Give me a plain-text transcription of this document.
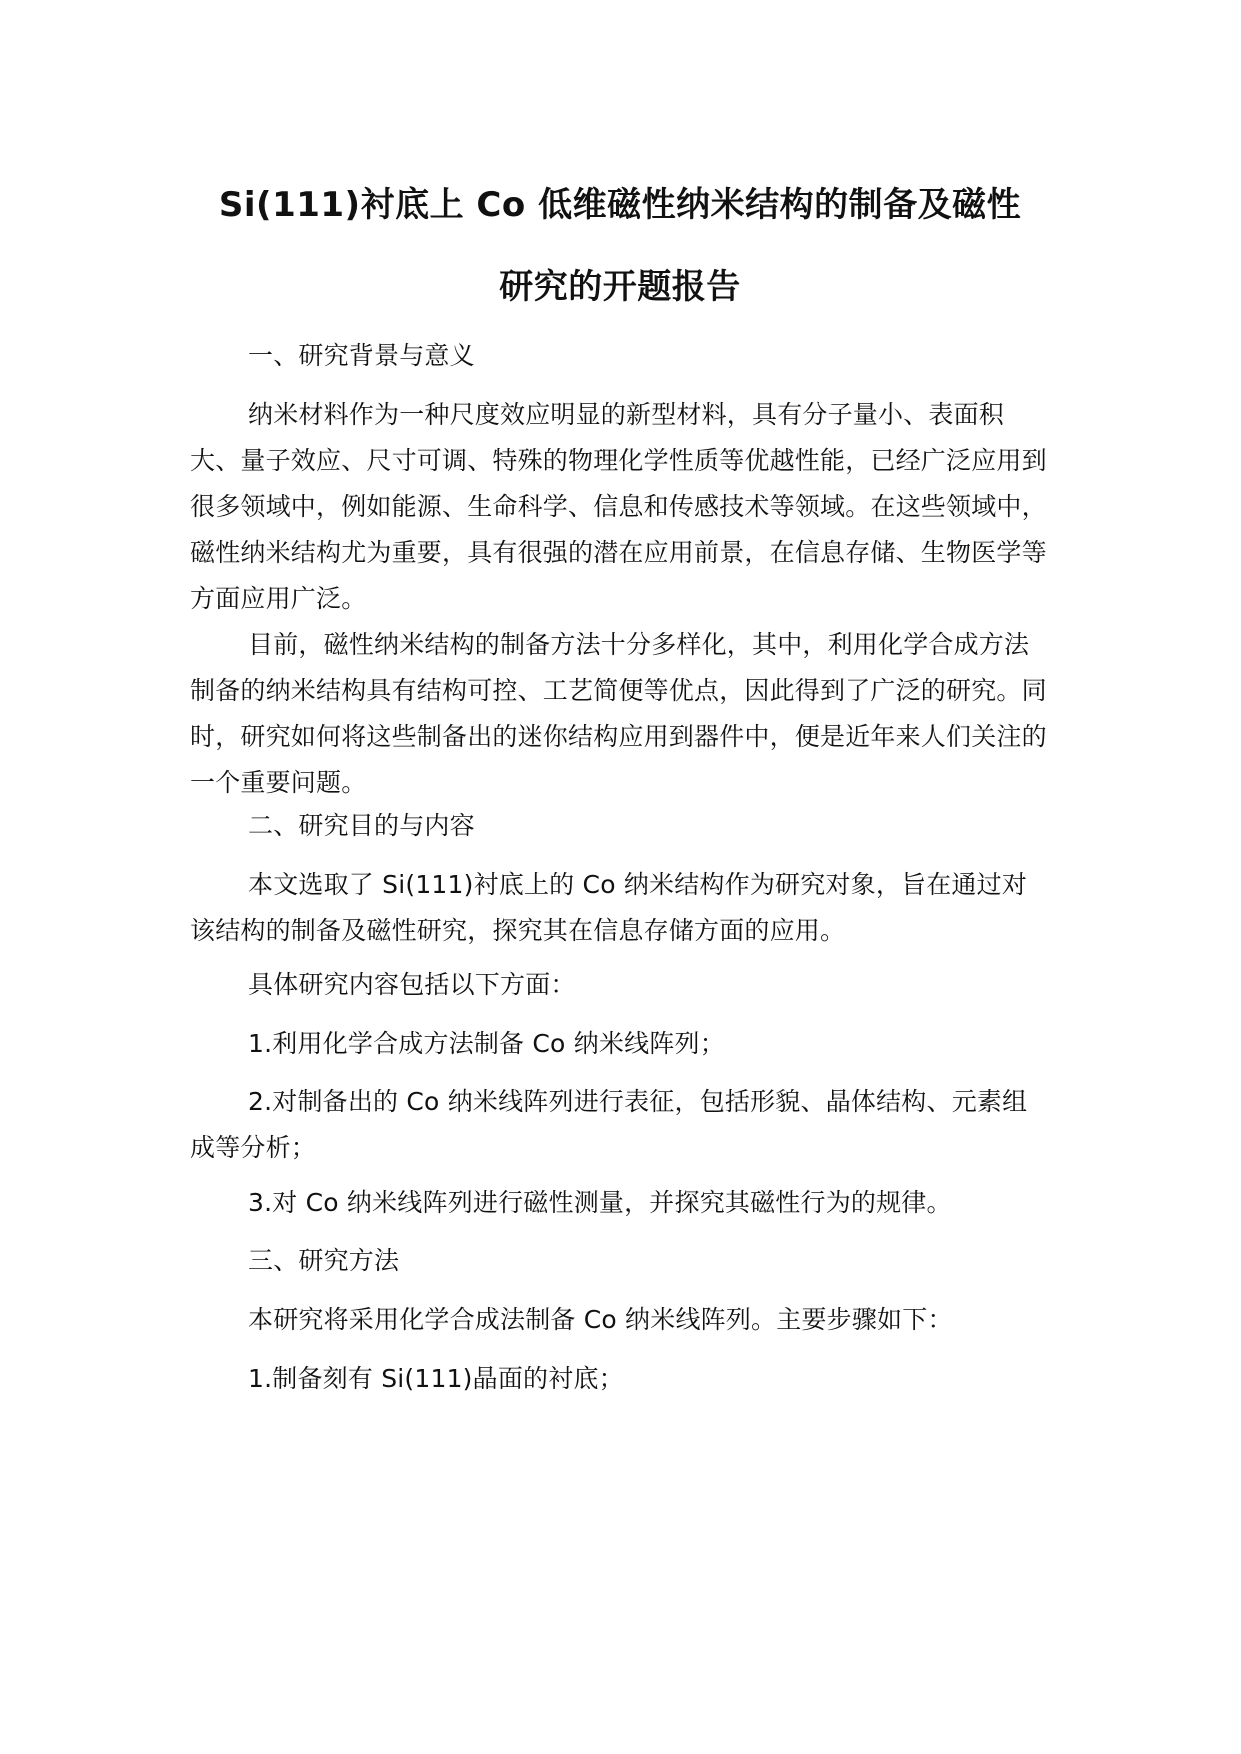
Si(111)衬底上 Co 低维磁性纳米结构的制备及磁性
研究的开题报告

一、研究背景与意义

纳米材料作为一种尺度效应明显的新型材料，具有分子量小、表面积大、量子效应、尺寸可调、特殊的物理化学性质等优越性能，已经广泛应用到很多领域中，例如能源、生命科学、信息和传感技术等领域。在这些领域中，磁性纳米结构尤为重要，具有很强的潜在应用前景，在信息存储、生物医学等方面应用广泛。

目前，磁性纳米结构的制备方法十分多样化，其中，利用化学合成方法制备的纳米结构具有结构可控、工艺简便等优点，因此得到了广泛的研究。同时，研究如何将这些制备出的迷你结构应用到器件中，便是近年来人们关注的一个重要问题。

二、研究目的与内容

本文选取了 Si(111)衬底上的 Co 纳米结构作为研究对象，旨在通过对该结构的制备及磁性研究，探究其在信息存储方面的应用。

具体研究内容包括以下方面：

1.利用化学合成方法制备 Co 纳米线阵列；

2.对制备出的 Co 纳米线阵列进行表征，包括形貌、晶体结构、元素组成等分析；

3.对 Co 纳米线阵列进行磁性测量，并探究其磁性行为的规律。

三、研究方法

本研究将采用化学合成法制备 Co 纳米线阵列。主要步骤如下：

1.制备刻有 Si(111)晶面的衬底；
